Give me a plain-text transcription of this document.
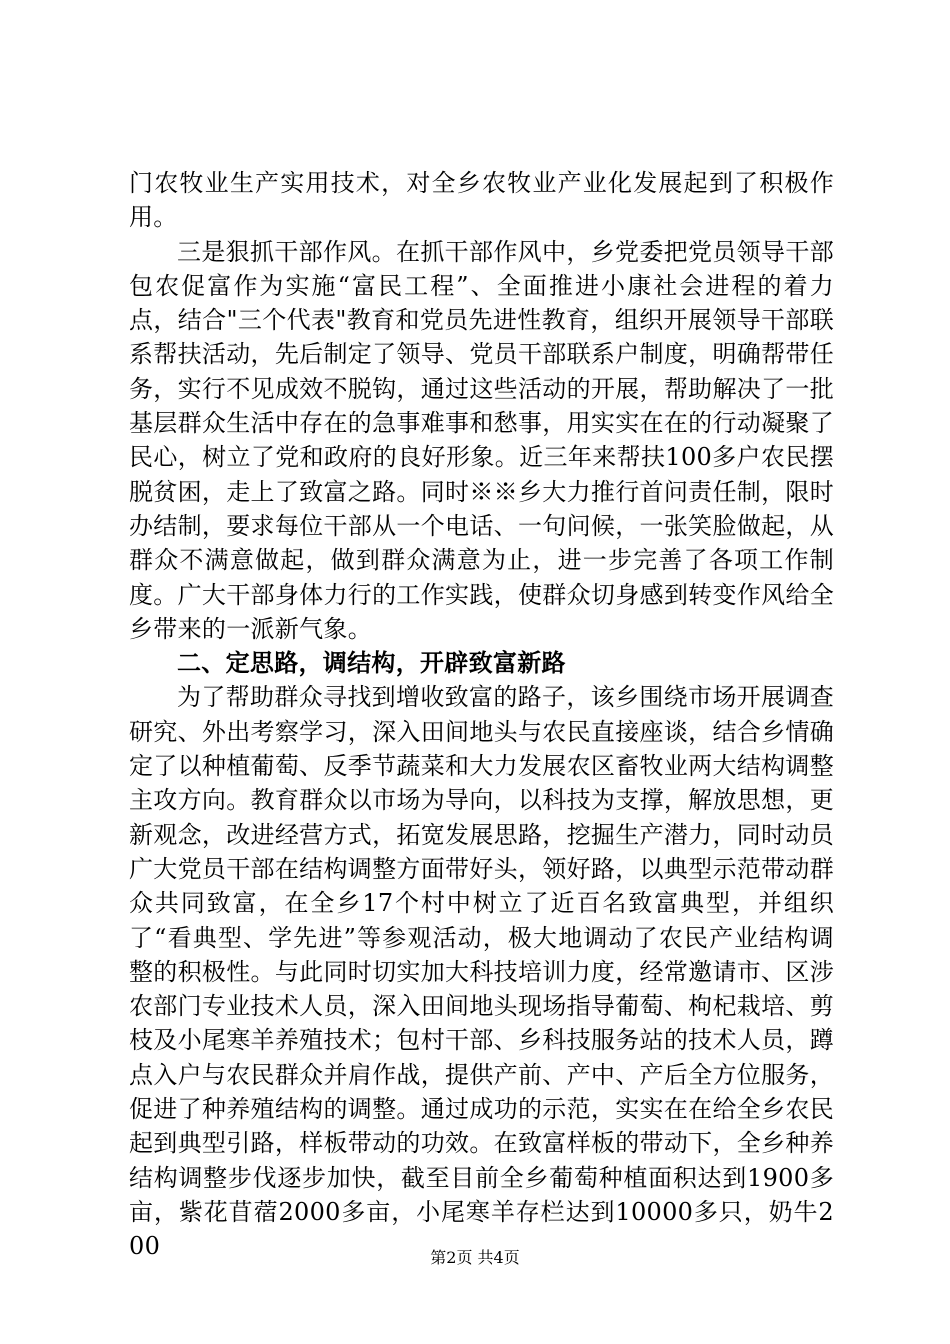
门农牧业生产实用技术，对全乡农牧业产业化发展起到了积极作用。

三是狠抓干部作风。在抓干部作风中，乡党委把党员领导干部包农促富作为实施“富民工程”、全面推进小康社会进程的着力点，结合"三个代表"教育和党员先进性教育，组织开展领导干部联系帮扶活动，先后制定了领导、党员干部联系户制度，明确帮带任务，实行不见成效不脱钩，通过这些活动的开展，帮助解决了一批基层群众生活中存在的急事难事和愁事，用实实在在的行动凝聚了民心，树立了党和政府的良好形象。近三年来帮扶100多户农民摆脱贫困，走上了致富之路。同时※※乡大力推行首问责任制，限时办结制，要求每位干部从一个电话、一句问候，一张笑脸做起，从群众不满意做起，做到群众满意为止，进一步完善了各项工作制度。广大干部身体力行的工作实践，使群众切身感到转变作风给全乡带来的一派新气象。

二、定思路，调结构，开辟致富新路

为了帮助群众寻找到增收致富的路子，该乡围绕市场开展调查研究、外出考察学习，深入田间地头与农民直接座谈，结合乡情确定了以种植葡萄、反季节蔬菜和大力发展农区畜牧业两大结构调整主攻方向。教育群众以市场为导向，以科技为支撑，解放思想，更新观念，改进经营方式，拓宽发展思路，挖掘生产潜力，同时动员广大党员干部在结构调整方面带好头，领好路，以典型示范带动群众共同致富，在全乡17个村中树立了近百名致富典型，并组织了“看典型、学先进”等参观活动，极大地调动了农民产业结构调整的积极性。与此同时切实加大科技培训力度，经常邀请市、区涉农部门专业技术人员，深入田间地头现场指导葡萄、枸杞栽培、剪枝及小尾寒羊养殖技术；包村干部、乡科技服务站的技术人员，蹲点入户与农民群众并肩作战，提供产前、产中、产后全方位服务，促进了种养殖结构的调整。通过成功的示范，实实在在给全乡农民起到典型引路，样板带动的功效。在致富样板的带动下，全乡种养结构调整步伐逐步加快，截至目前全乡葡萄种植面积达到1900多亩，紫花苜蓿2000多亩，小尾寒羊存栏达到10000多只，奶牛200	第2页 共4页
